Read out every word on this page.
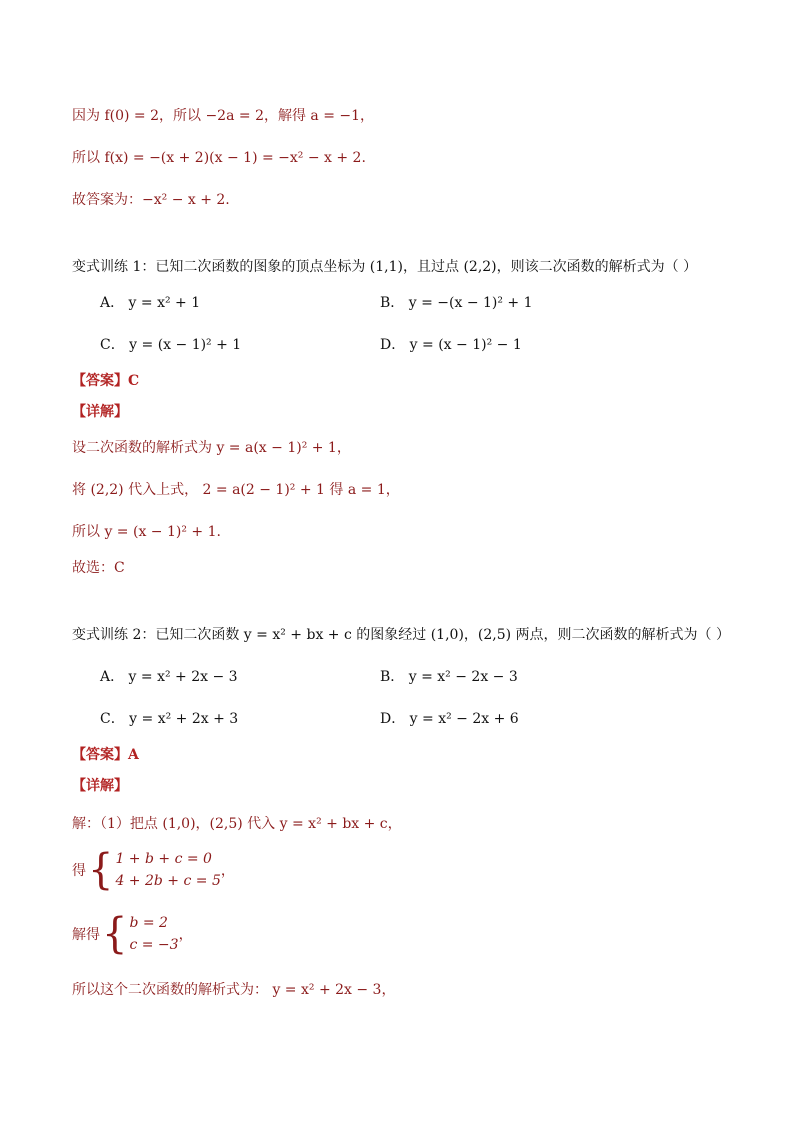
因为 f(0) = 2，所以 −2a = 2，解得 a = −1，
所以 f(x) = −(x + 2)(x − 1) = −x² − x + 2.
故答案为：−x² − x + 2.
变式训练 1：已知二次函数的图象的顶点坐标为 (1,1)，且过点 (2,2)，则该二次函数的解析式为（ ）
A． y = x² + 1	B． y = −(x − 1)² + 1
C． y = (x − 1)² + 1	D． y = (x − 1)² − 1
【答案】C
【详解】
设二次函数的解析式为 y = a(x − 1)² + 1，
将 (2,2) 代入上式， 2 = a(2 − 1)² + 1 得 a = 1，
所以 y = (x − 1)² + 1.
故选：C
变式训练 2：已知二次函数 y = x² + bx + c 的图象经过 (1,0)，(2,5) 两点，则二次函数的解析式为（ ）
A． y = x² + 2x − 3	B． y = x² − 2x − 3
C． y = x² + 2x + 3	D． y = x² − 2x + 6
【答案】A
【详解】
解：（1）把点 (1,0)，(2,5) 代入 y = x² + bx + c，
得 { 1 + b + c = 0
4 + 2b + c = 5
，
解得 { b = 2
c = −3
，
所以这个二次函数的解析式为： y = x² + 2x − 3，
